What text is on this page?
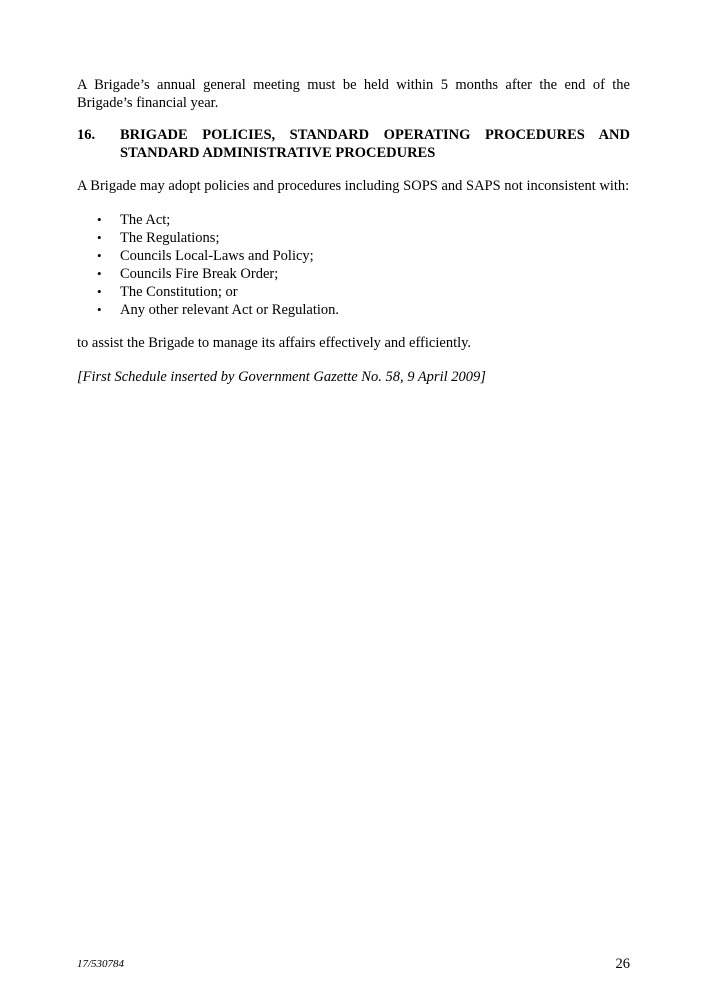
A Brigade’s annual general meeting must be held within 5 months after the end of the Brigade’s financial year.

16. BRIGADE POLICIES, STANDARD OPERATING PROCEDURES AND STANDARD ADMINISTRATIVE PROCEDURES

A Brigade may adopt policies and procedures including SOPS and SAPS not inconsistent with:

• The Act;
• The Regulations;
• Councils Local-Laws and Policy;
• Councils Fire Break Order;
• The Constitution; or
• Any other relevant Act or Regulation.

to assist the Brigade to manage its affairs effectively and efficiently.

[First Schedule inserted by Government Gazette No. 58, 9 April 2009]
17/530784	26
